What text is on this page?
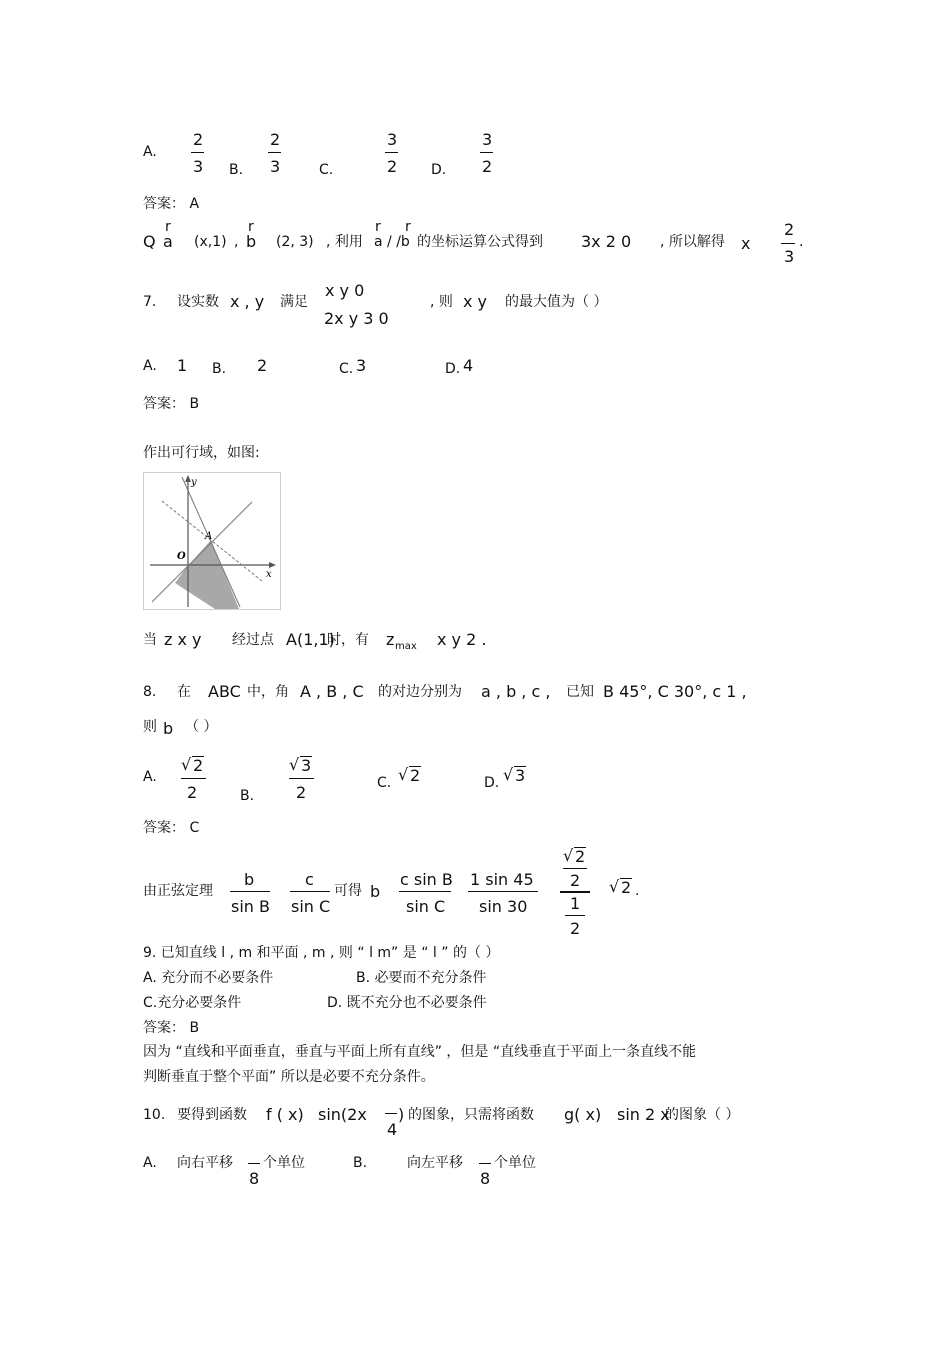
A.
2
3 B.
2
3	C.
3
2 D.
3
2
答案： A
Q
r
a (x,1) ,
r
b (2, 3) , 利用
r r
a / /b 的坐标运算公式得到 3x 2 0 , 所以解得 x
2
3
.
7. 设实数 x , y 满足
x y 0
2x y 3 0
, 则 x y 的最大值为（ ）
A. 1 B. 2	C. 3	D. 4
答案： B
作出可行域，如图:
y
x
O
A
当 z x y 经过点 A(1,1)
时，有 z max x y 2 .
8. 在 ABC 中，角 A , B , C 的对边分别为 a , b , c , 已知 B 45°, C 30°, c 1 ,
则 b （ ）
A.
√ 2
2	B.
√ 3
2	C. √ 2	D. √ 3
答案： C
由正弦定理
b
sin B
c
sin C
可得 b
c sin B
sin C
1 sin 45
sin 30
√ 2
2
1
2
√ 2 .
9. 已知直线 l , m 和平面 , m , 则 “ l m” 是 “ l ” 的（ ）
A. 充分而不必要条件	B. 必要而不充分条件
C.充分必要条件	D. 既不充分也不必要条件
答案： B
因为 “直线和平面垂直，垂直与平面上所有直线” ，但是 “直线垂直于平面上一条直线不能
判断垂直于整个平面” 所以是必要不充分条件。
10. 要得到函数 f ( x) sin(2x
4
) 的图象，只需将函数 g( x) sin 2 x
的图象（ ）
A. 向右平移
8
个单位	B.	向左平移
8
个单位
